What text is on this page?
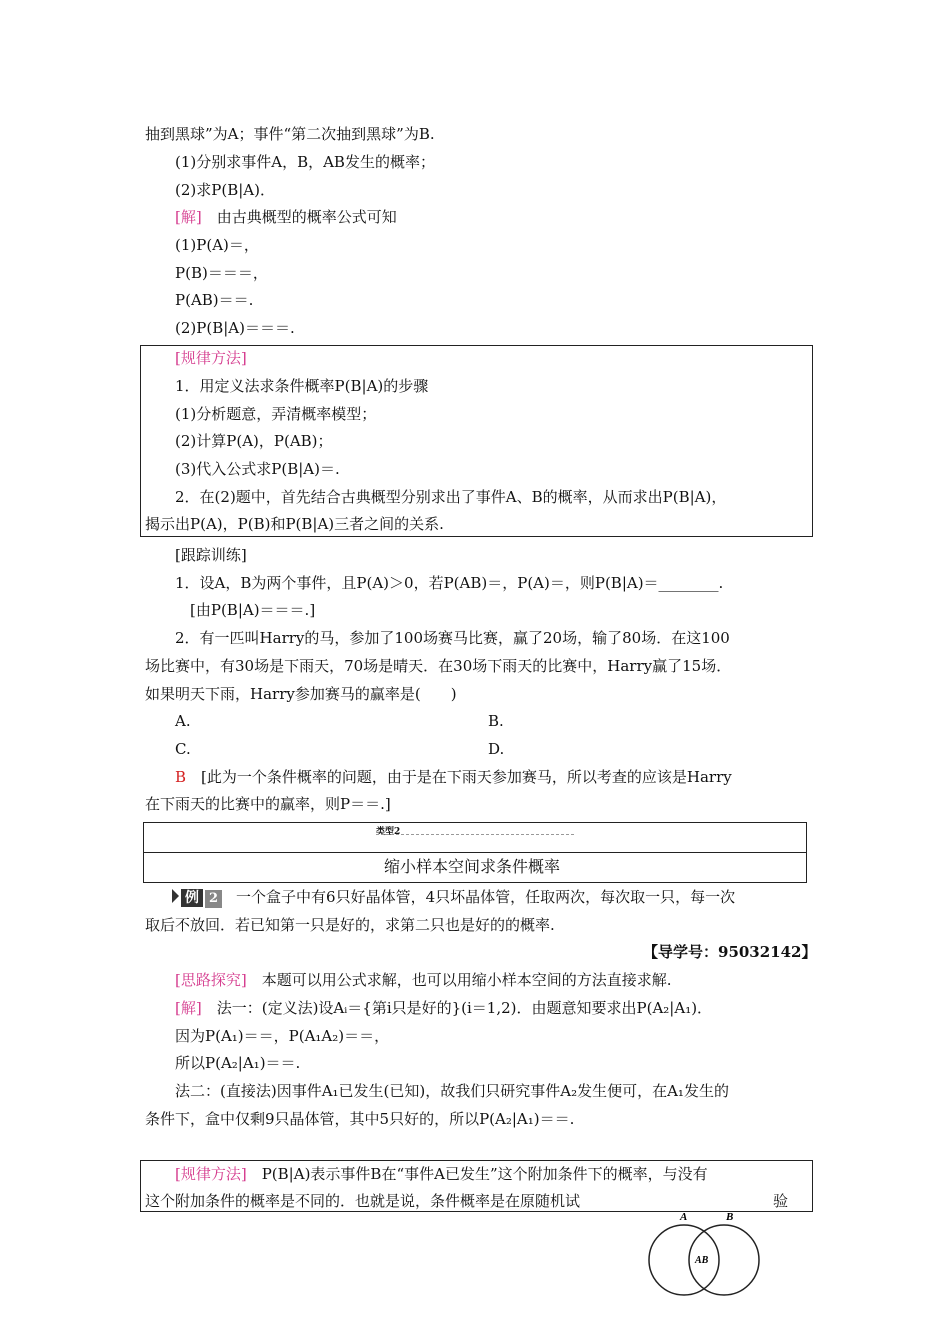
抽到黑球”为A；事件“第二次抽到黑球”为B.
(1)分别求事件A，B，AB发生的概率；
(2)求P(B|A)．
[解]　由古典概型的概率公式可知
(1)P(A)＝，
P(B)＝＝＝，
P(AB)＝＝.
(2)P(B|A)＝＝＝.
[规律方法]
1．用定义法求条件概率P(B|A)的步骤
(1)分析题意，弄清概率模型；
(2)计算P(A)，P(AB)；
(3)代入公式求P(B|A)＝.
2．在(2)题中，首先结合古典概型分别求出了事件A、B的概率，从而求出P(B|A)，
揭示出P(A)，P(B)和P(B|A)三者之间的关系.
[跟踪训练]
1．设A，B为两个事件，且P(A)＞0，若P(AB)＝，P(A)＝，则P(B|A)＝________.
[由P(B|A)＝＝＝.]
2．有一匹叫Harry的马，参加了100场赛马比赛，赢了20场，输了80场．在这100
场比赛中，有30场是下雨天，70场是晴天．在30场下雨天的比赛中，Harry赢了15场．
如果明天下雨，Harry参加赛马的赢率是(　　)
A.	B.
C.	D.
B　[此为一个条件概率的问题，由于是在下雨天参加赛马，所以考查的应该是Harry
在下雨天的比赛中的赢率，则P＝＝.]
类型2
缩小样本空间求条件概率
例 2 一个盒子中有6只好晶体管，4只坏晶体管，任取两次，每次取一只，每一次
取后不放回．若已知第一只是好的，求第二只也是好的的概率.
【导学号：95032142】
[思路探究]　本题可以用公式求解，也可以用缩小样本空间的方法直接求解.
[解]　法一：(定义法)设Aᵢ＝{第i只是好的}(i＝1,2)．由题意知要求出P(A₂|A₁)．
因为P(A₁)＝＝，P(A₁A₂)＝＝，
所以P(A₂|A₁)＝＝.
法二：(直接法)因事件A₁已发生(已知)，故我们只研究事件A₂发生便可，在A₁发生的
条件下，盒中仅剩9只晶体管，其中5只好的，所以P(A₂|A₁)＝＝.
[规律方法]　P(B|A)表示事件B在“事件A已发生”这个附加条件下的概率，与没有
这个附加条件的概率是不同的．也就是说，条件概率是在原随机试	验
A	B
AB
